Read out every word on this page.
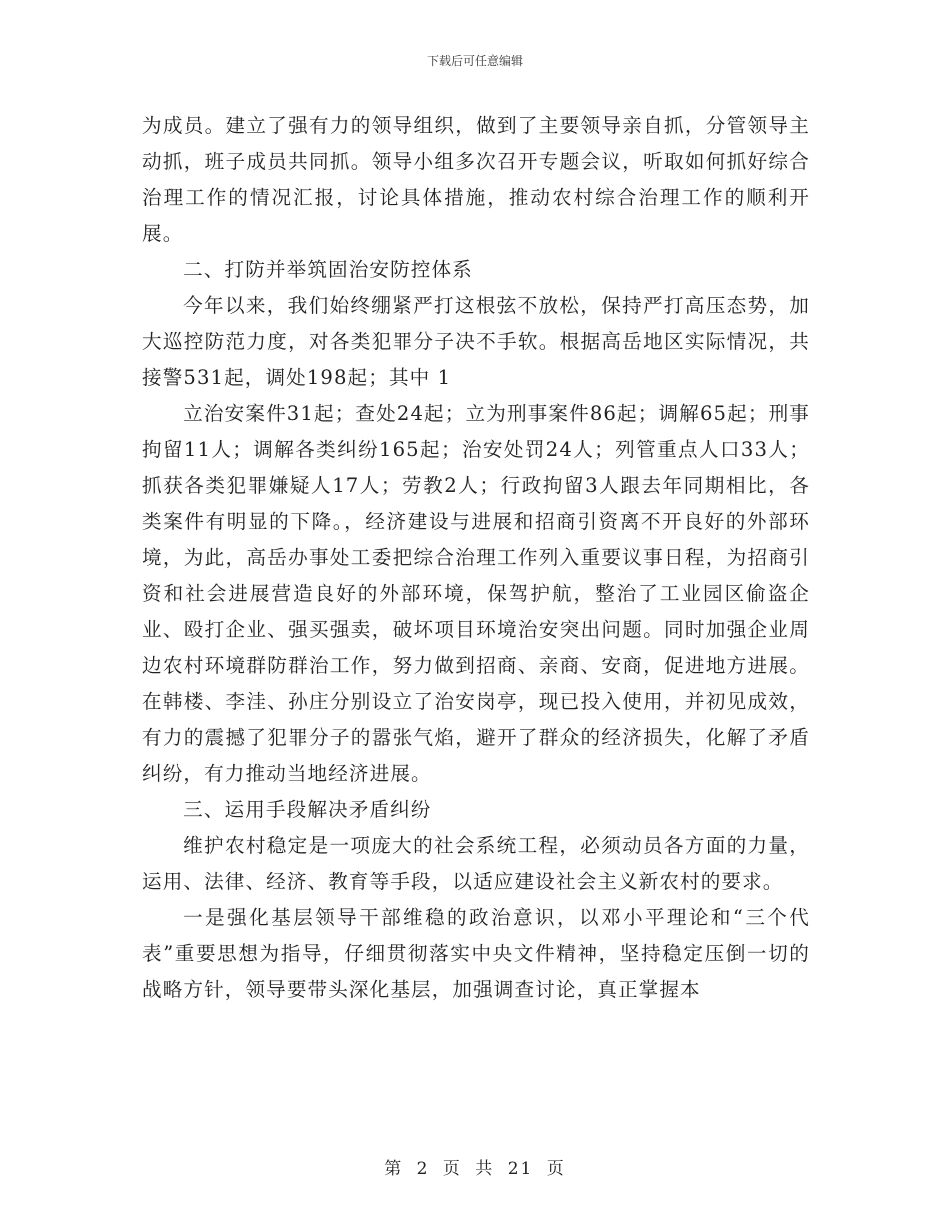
下载后可任意编辑

为成员。建立了强有力的领导组织，做到了主要领导亲自抓，分管领导主动抓，班子成员共同抓。领导小组多次召开专题会议，听取如何抓好综合治理工作的情况汇报，讨论具体措施，推动农村综合治理工作的顺利开展。

二、打防并举筑固治安防控体系

今年以来，我们始终绷紧严打这根弦不放松，保持严打高压态势，加大巡控防范力度，对各类犯罪分子决不手软。根据高岳地区实际情况，共接警531起，调处198起；其中 1

立治安案件31起；查处24起；立为刑事案件86起；调解65起；刑事拘留11人；调解各类纠纷165起；治安处罚24人；列管重点人口33人；抓获各类犯罪嫌疑人17人；劳教2人；行政拘留3人跟去年同期相比，各类案件有明显的下降。，经济建设与进展和招商引资离不开良好的外部环境，为此，高岳办事处工委把综合治理工作列入重要议事日程，为招商引资和社会进展营造良好的外部环境，保驾护航，整治了工业园区偷盗企业、殴打企业、强买强卖，破坏项目环境治安突出问题。同时加强企业周边农村环境群防群治工作，努力做到招商、亲商、安商，促进地方进展。在韩楼、李洼、孙庄分别设立了治安岗亭，现已投入使用，并初见成效，有力的震撼了犯罪分子的嚣张气焰，避开了群众的经济损失，化解了矛盾纠纷，有力推动当地经济进展。

三、运用手段解决矛盾纠纷

维护农村稳定是一项庞大的社会系统工程，必须动员各方面的力量，运用、法律、经济、教育等手段，以适应建设社会主义新农村的要求。

一是强化基层领导干部维稳的政治意识，以邓小平理论和“三个代表”重要思想为指导，仔细贯彻落实中央文件精神，坚持稳定压倒一切的战略方针，领导要带头深化基层，加强调查讨论，真正掌握本

第 2 页 共 21 页
